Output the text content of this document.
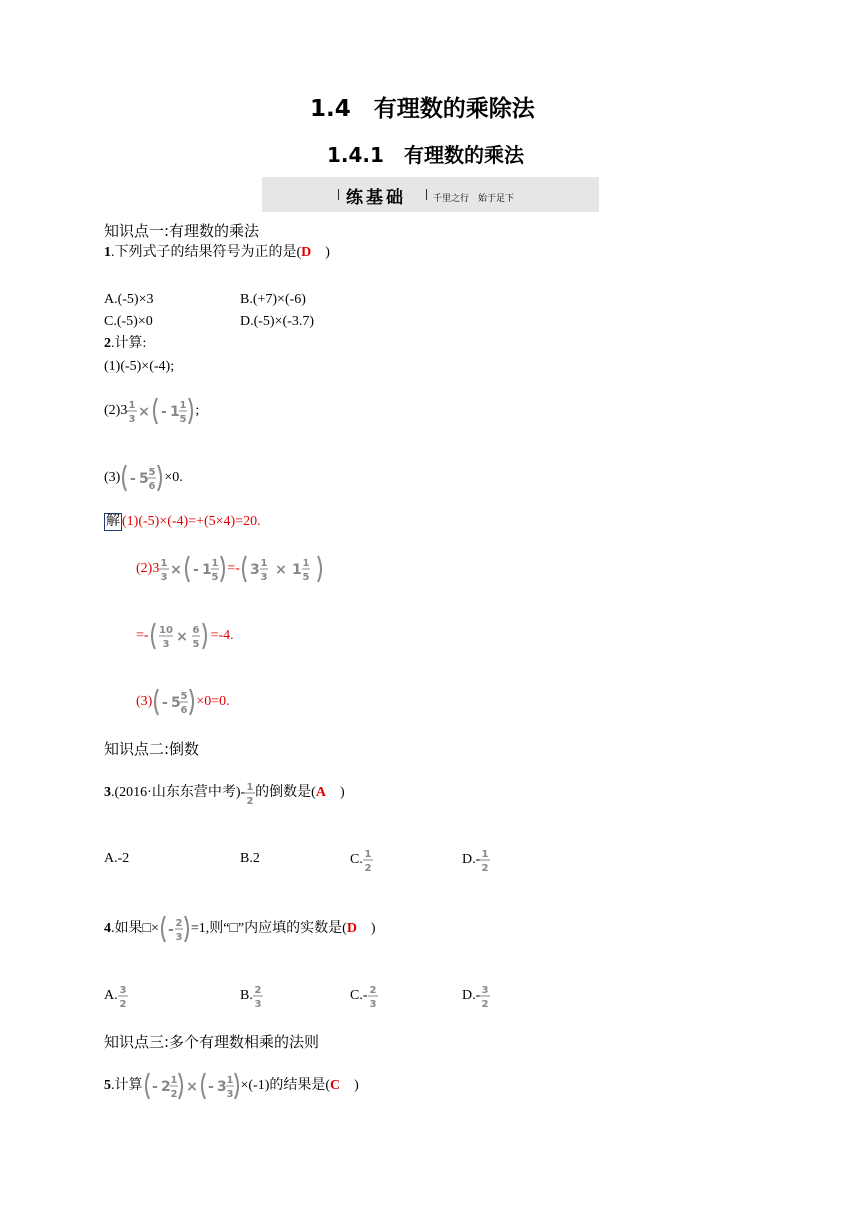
1.4　有理数的乘除法
1.4.1　有理数的乘法
练基础	千里之行　始于足下
知识点一:有理数的乘法
1.下列式子的结果符号为正的是(D　)
A.(-5)×3	B.(+7)×(-6)
C.(-5)×0	D.(-5)×(-3.7)
2.计算:
(1)(-5)×(-4);
(2)3 1
3 × - 1 1
5
;
(3) - 5 5
6
×0.
解 (1)(-5)×(-4)=+(5×4)=20.
(2)3 1
3 × - 1 1
5
=- 3 1
3 × 1 1
5
=- 10
3 × 6
5
=-4.
(3) - 5 5
6
×0=0.
知识点二:倒数
3.(2016·山东东营中考)- 1
2
的倒数是(A　)
A.-2	B.2	C. 1
2
D.- 1
2
4.如果□× - 2
3
=1,则“□”内应填的实数是(D　)
A. 3
2
B. 2
3
C.- 2
3
D.- 3
2
知识点三:多个有理数相乘的法则
5.计算 - 2 1
2 × - 3 1
3
×(-1)的结果是(C　)
